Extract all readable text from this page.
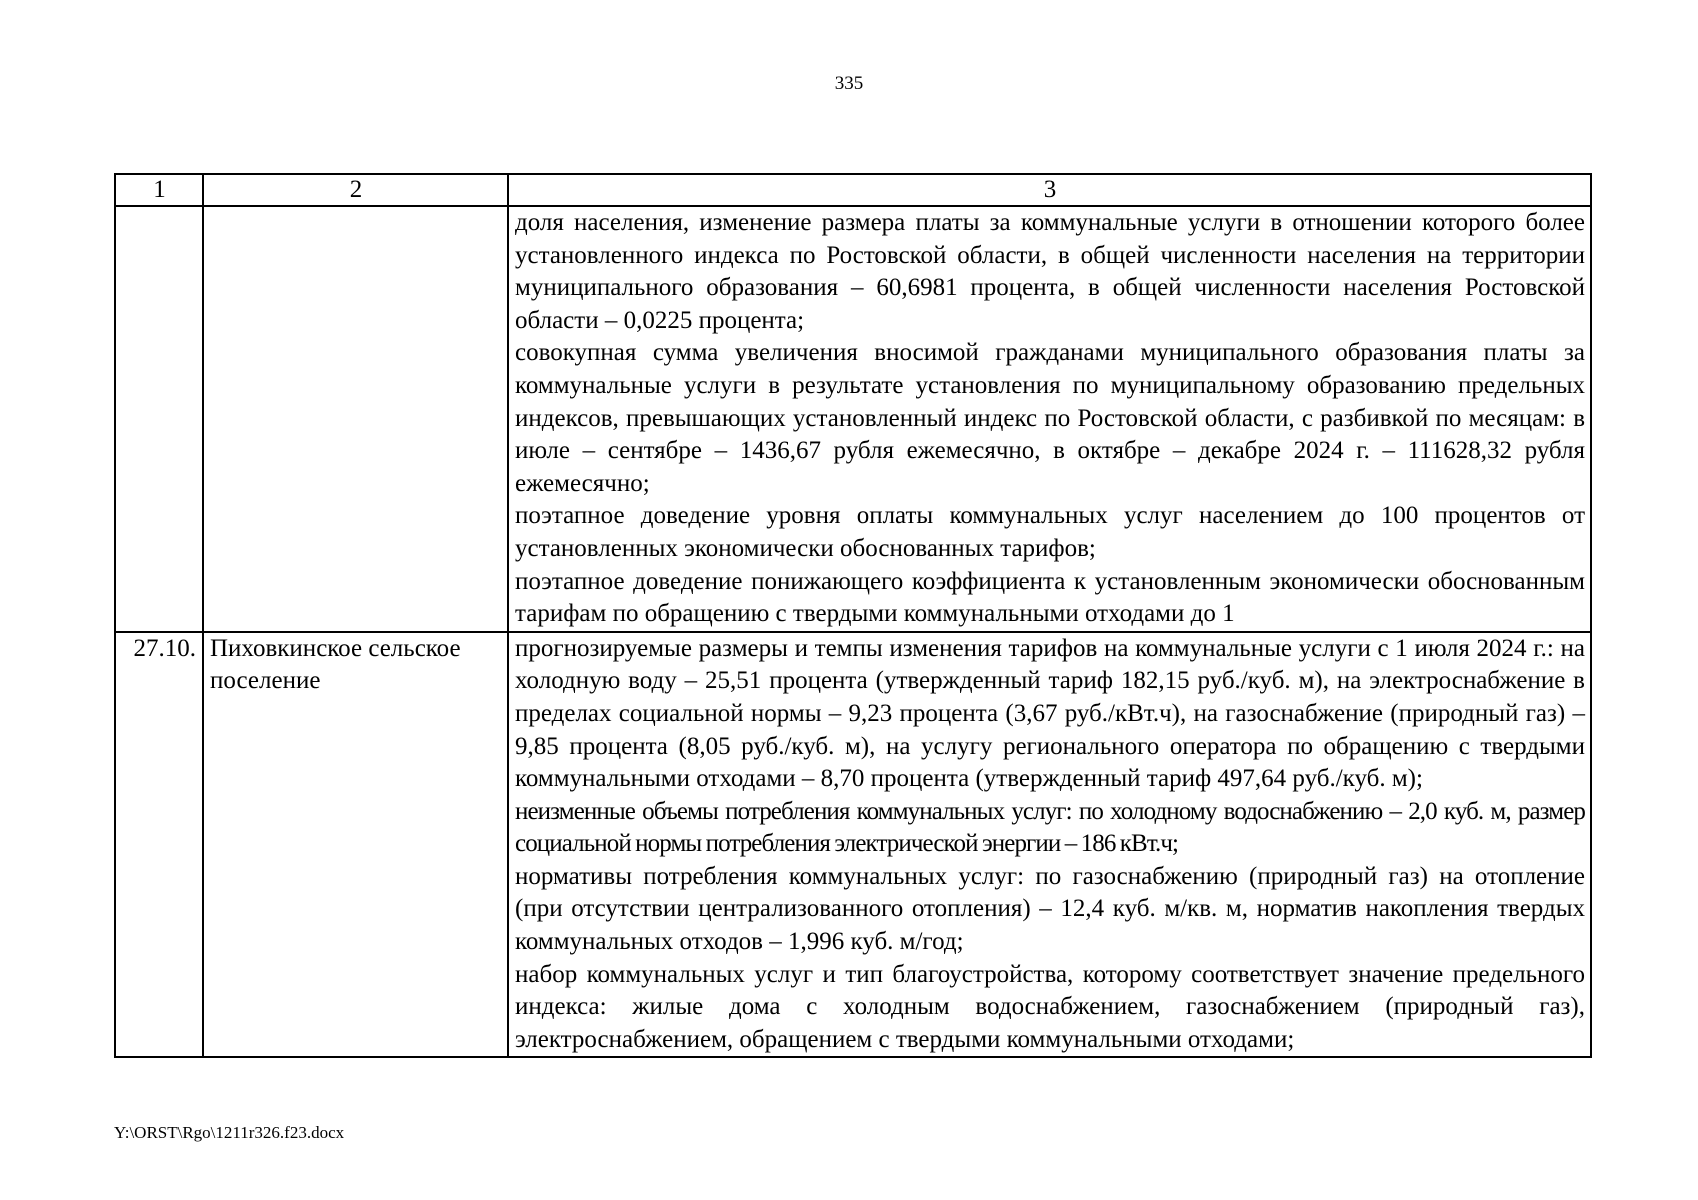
335
1	2	3

		доля населения, изменение размера платы за коммунальные услуги в отношении которого более установленного индекса по Ростовской области, в общей численности населения на территории муниципального образования – 60,6981 процента, в общей численности населения Ростовской области – 0,0225 процента;
совокупная сумма увеличения вносимой гражданами муниципального образования платы за коммунальные услуги в результате установления по муниципальному образованию предельных индексов, превышающих установленный индекс по Ростовской области, с разбивкой по месяцам: в июле – сентябре – 1436,67 рубля ежемесячно, в октябре – декабре 2024 г. – 111628,32 рубля ежемесячно;
поэтапное доведение уровня оплаты коммунальных услуг населением до 100 процентов от установленных экономически обоснованных тарифов;
поэтапное доведение понижающего коэффициента к установленным экономически обоснованным тарифам по обращению с твердыми коммунальными отходами до 1

27.10.	Пиховкинское сельское поселение	прогнозируемые размеры и темпы изменения тарифов на коммунальные услуги с 1 июля 2024 г.: на холодную воду – 25,51 процента (утвержденный тариф 182,15 руб./куб. м), на электроснабжение в пределах социальной нормы – 9,23 процента (3,67 руб./кВт.ч), на газоснабжение (природный газ) – 9,85 процента (8,05 руб./куб. м), на услугу регионального оператора по обращению с твердыми коммунальными отходами – 8,70 процента (утвержденный тариф 497,64 руб./куб. м);
неизменные объемы потребления коммунальных услуг: по холодному водоснабжению – 2,0 куб. м, размер социальной нормы потребления электрической энергии – 186 кВт.ч;
нормативы потребления коммунальных услуг: по газоснабжению (природный газ) на отопление (при отсутствии централизованного отопления) – 12,4 куб. м/кв. м, норматив накопления твердых коммунальных отходов – 1,996 куб. м/год;
набор коммунальных услуг и тип благоустройства, которому соответствует значение предельного индекса: жилые дома с холодным водоснабжением, газоснабжением (природный газ), электроснабжением, обращением с твердыми коммунальными отходами;
Y:\ORST\Rgo\1211r326.f23.docx
